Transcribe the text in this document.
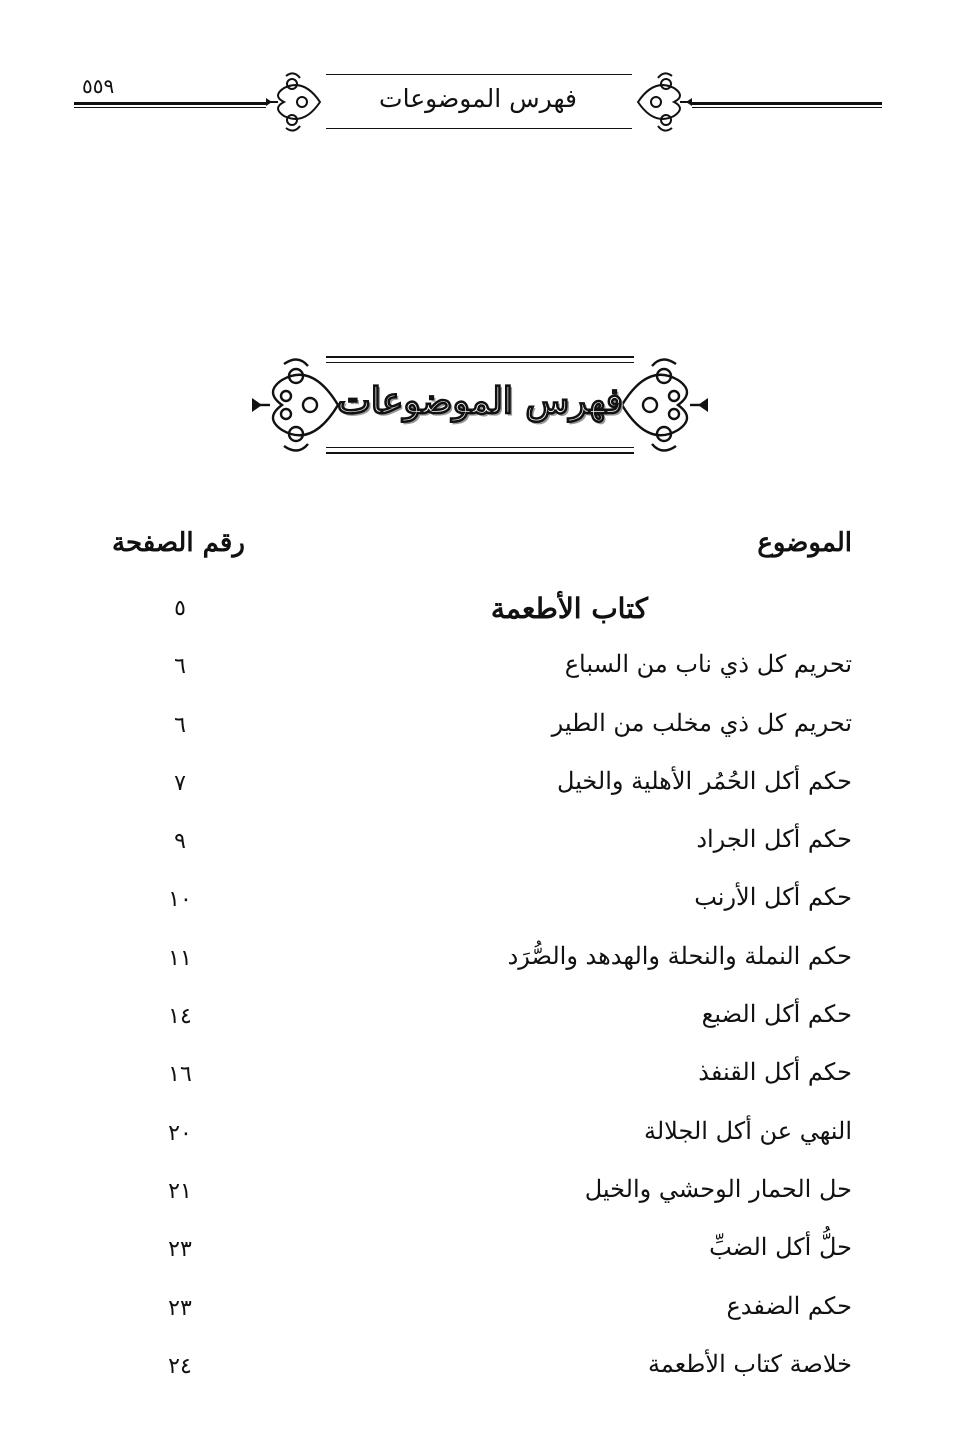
فهرس الموضوعات
٥٥٩
فهرس الموضوعات
الموضوع
رقم الصفحة
كتاب الأطعمة
٥
تحريم كل ذي ناب من السباع
٦
تحريم كل ذي مخلب من الطير
٦
حكم أكل الحُمُر الأهلية والخيل
٧
حكم أكل الجراد
٩
حكم أكل الأرنب
١٠
حكم النملة والنحلة والهدهد والصُّرَد
١١
حكم أكل الضبع
١٤
حكم أكل القنفذ
١٦
النهي عن أكل الجلالة
٢٠
حل الحمار الوحشي والخيل
٢١
حلُّ أكل الضبِّ
٢٣
حكم الضفدع
٢٣
خلاصة كتاب الأطعمة
٢٤
